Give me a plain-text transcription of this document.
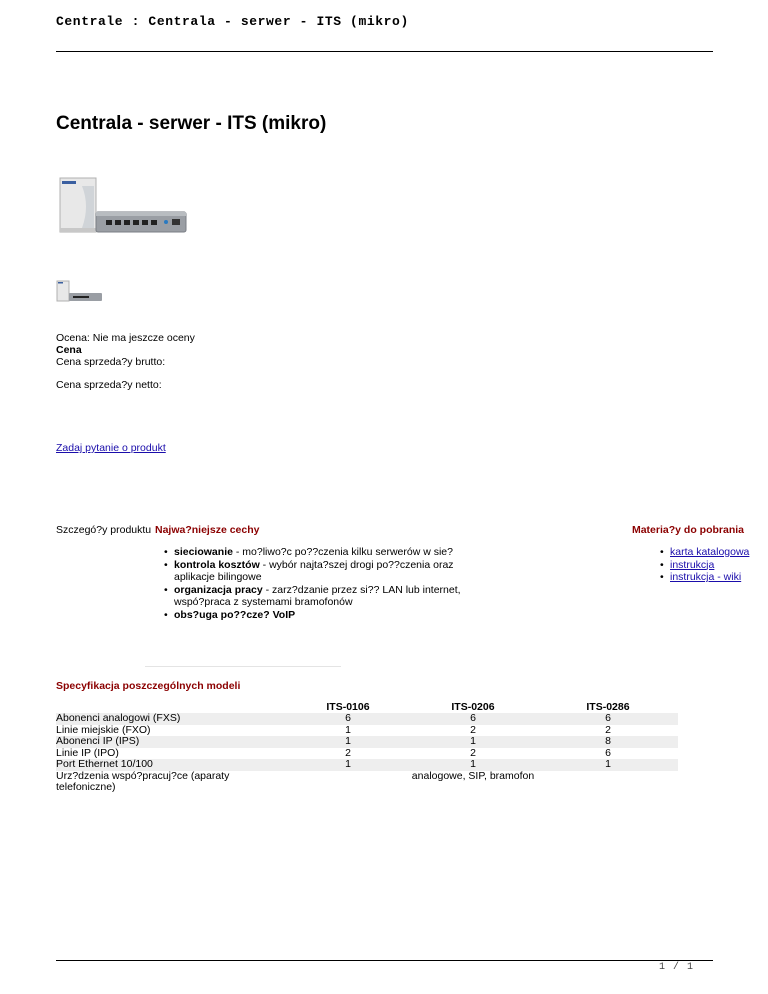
Centrale : Centrala - serwer - ITS (mikro)
Centrala - serwer - ITS (mikro)
Ocena: Nie ma jeszcze oceny
Cena
Cena sprzeda?y brutto:
Cena sprzeda?y netto:
Zadaj pytanie o produkt
Szczegó?y produktu Najwa?niejsze cechy	Materia?y do pobrania
• sieciowanie - mo?liwo?c po??czenia kilku serwerów w sie?
• kontrola kosztów - wybór najta?szej drogi po??czenia oraz aplikacje bilingowe
• organizacja pracy - zarz?dzanie przez si?? LAN lub internet, wspó?praca z systemami bramofonów
• obs?uga po??cze? VoIP
• karta katalogowa
• instrukcja
• instrukcja - wiki
Specyfikacja poszczególnych modeli
	ITS-0106	ITS-0206	ITS-0286
Abonenci analogowi (FXS)	6	6	6
Linie miejskie (FXO)	1	2	2
Abonenci IP (IPS)	1	1	8
Linie IP (IPO)	2	2	6
Port Ethernet 10/100	1	1	1
Urz?dzenia wspó?pracuj?ce (aparaty telefoniczne)		analogowe, SIP, bramofon	
1 / 1
